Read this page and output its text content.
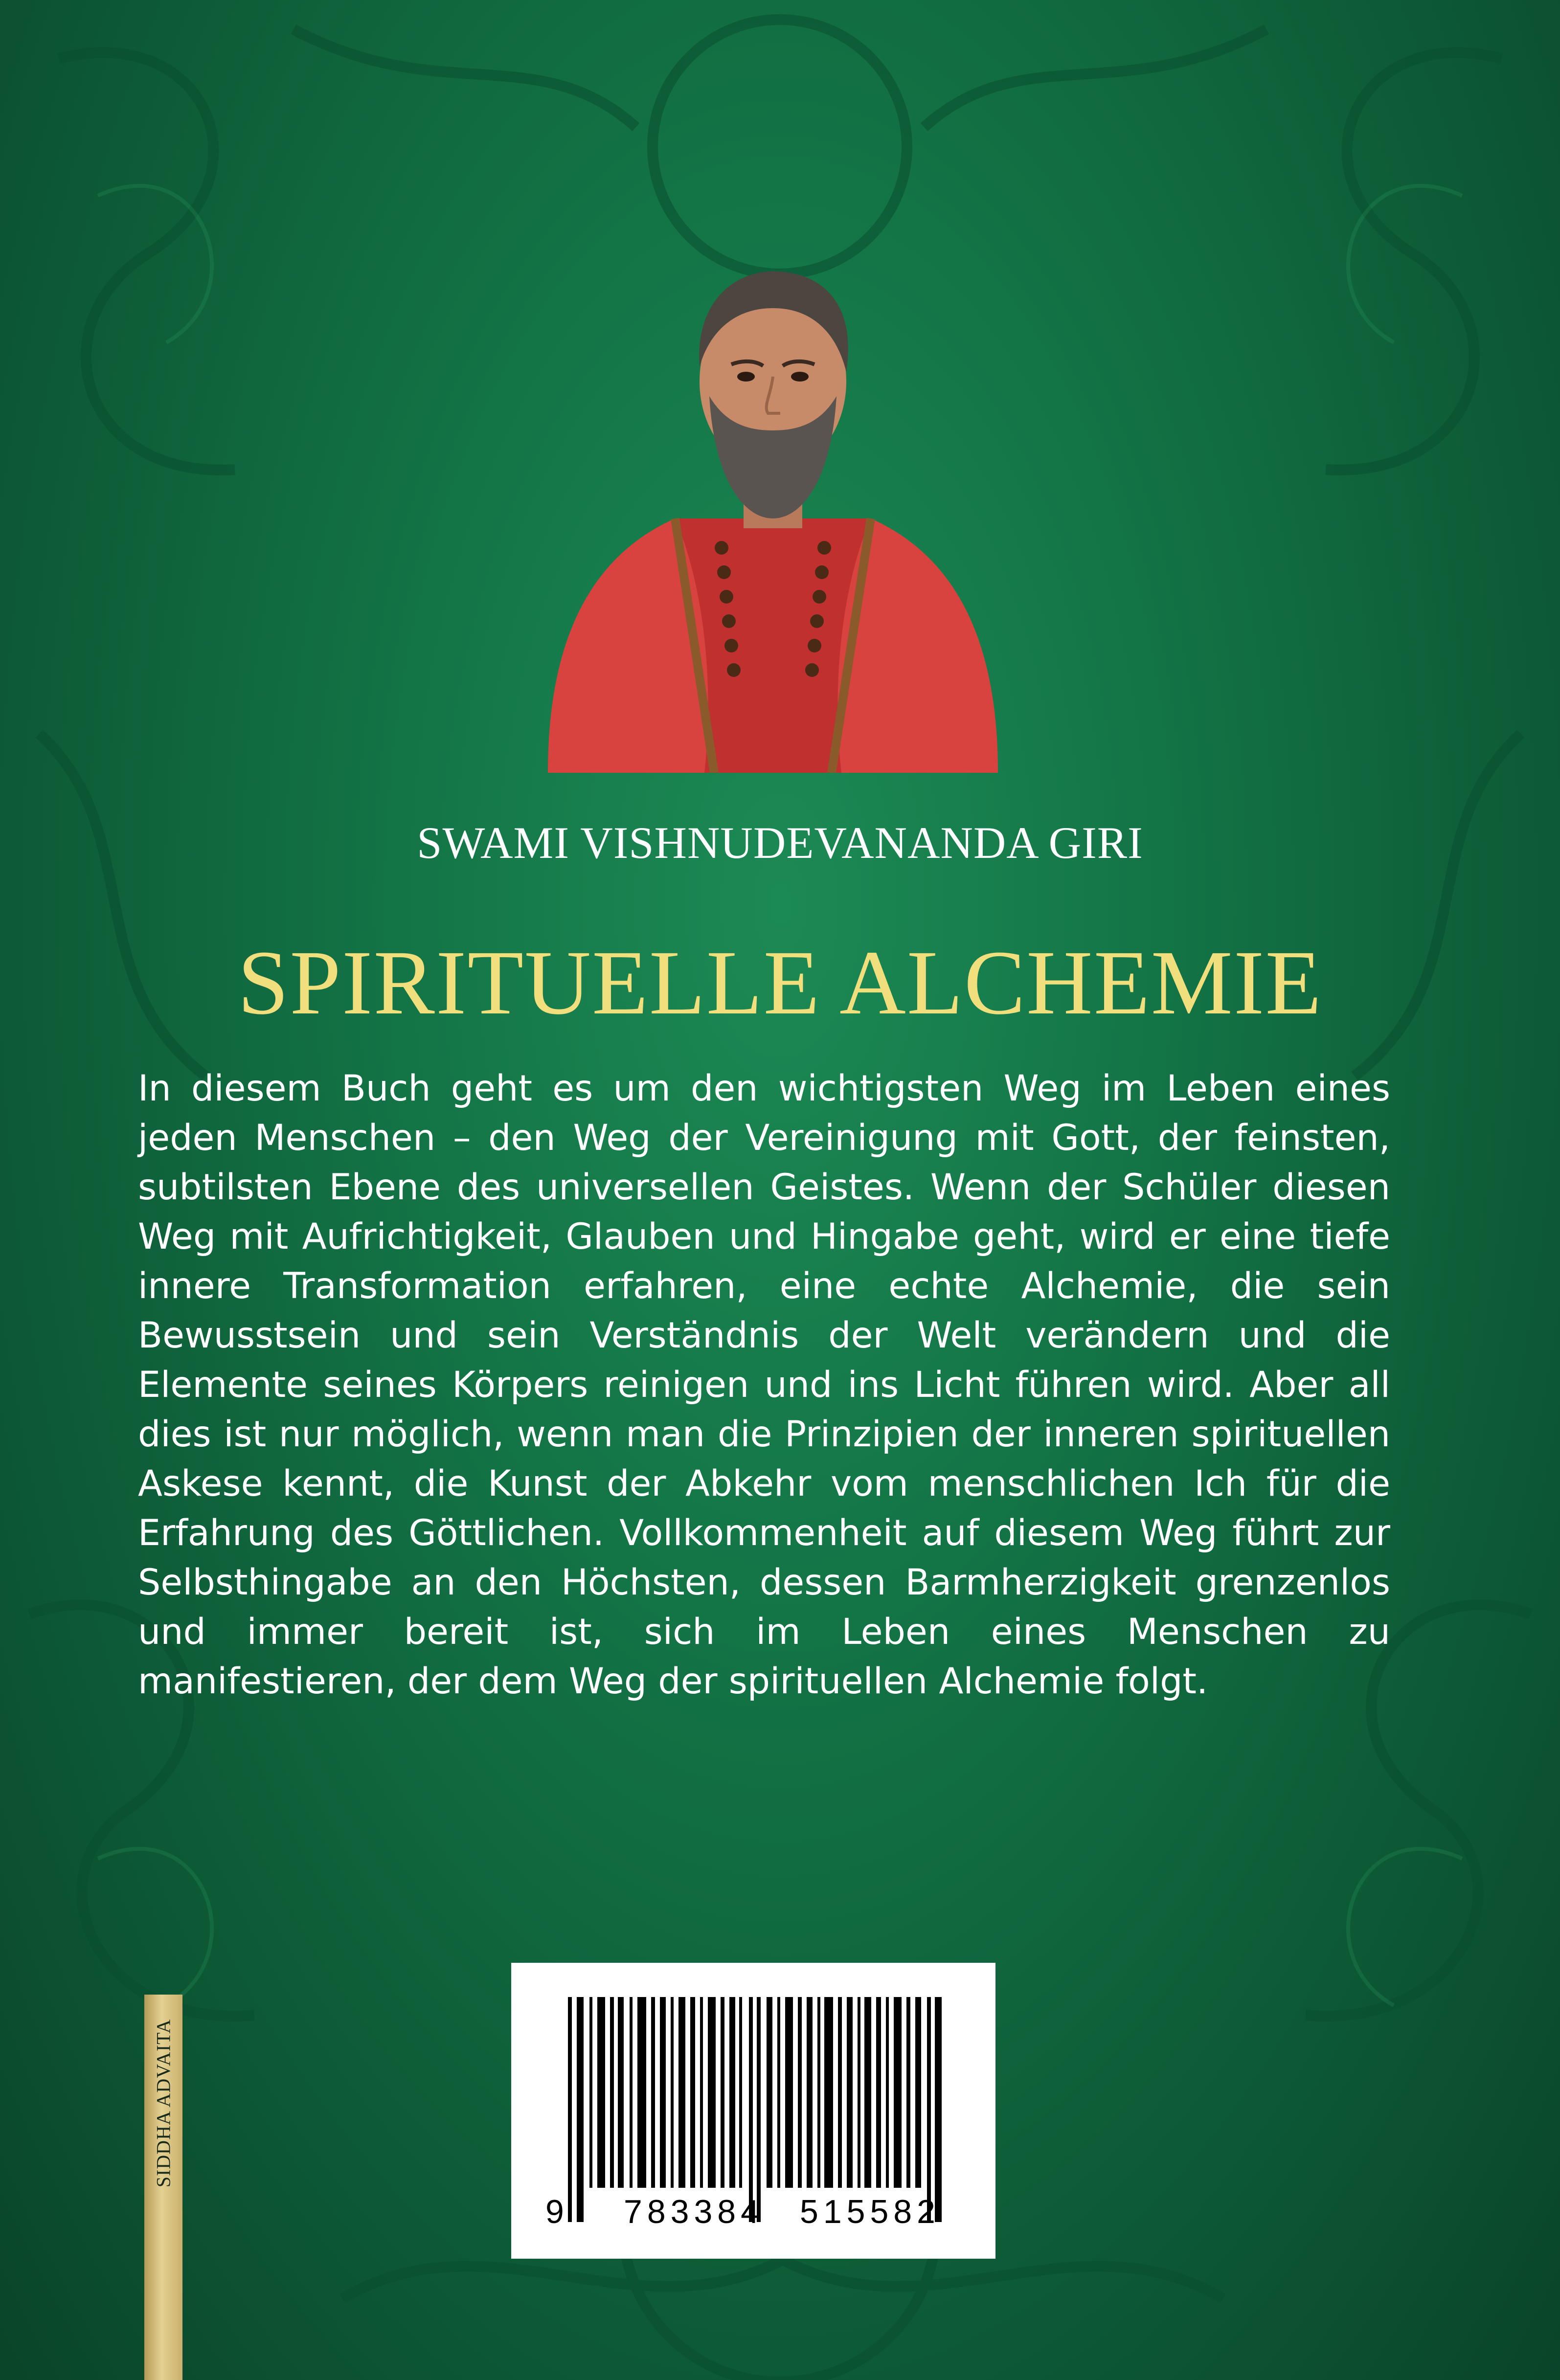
SWAMI VISHNUDEVANANDA GIRI
SPIRITUELLE ALCHEMIE

In diesem Buch geht es um den wichtigsten Weg im Leben eines jeden Menschen – den Weg der Vereinigung mit Gott, der feinsten, subtilsten Ebene des universellen Geistes. Wenn der Schüler diesen Weg mit Aufrichtigkeit, Glauben und Hingabe geht, wird er eine tiefe innere Transformation erfahren, eine echte Alchemie, die sein Bewusstsein und sein Verständnis der Welt verändern und die Elemente seines Körpers reinigen und ins Licht führen wird. Aber all dies ist nur möglich, wenn man die Prinzipien der inneren spirituellen Askese kennt, die Kunst der Abkehr vom menschlichen Ich für die Erfahrung des Göttlichen. Vollkommenheit auf diesem Weg führt zur Selbsthingabe an den Höchsten, dessen Barmherzigkeit grenzenlos und immer bereit ist, sich im Leben eines Menschen zu manifestieren, der dem Weg der spirituellen Alchemie folgt.

9 783384 515582
SIDDHA ADVAITA
